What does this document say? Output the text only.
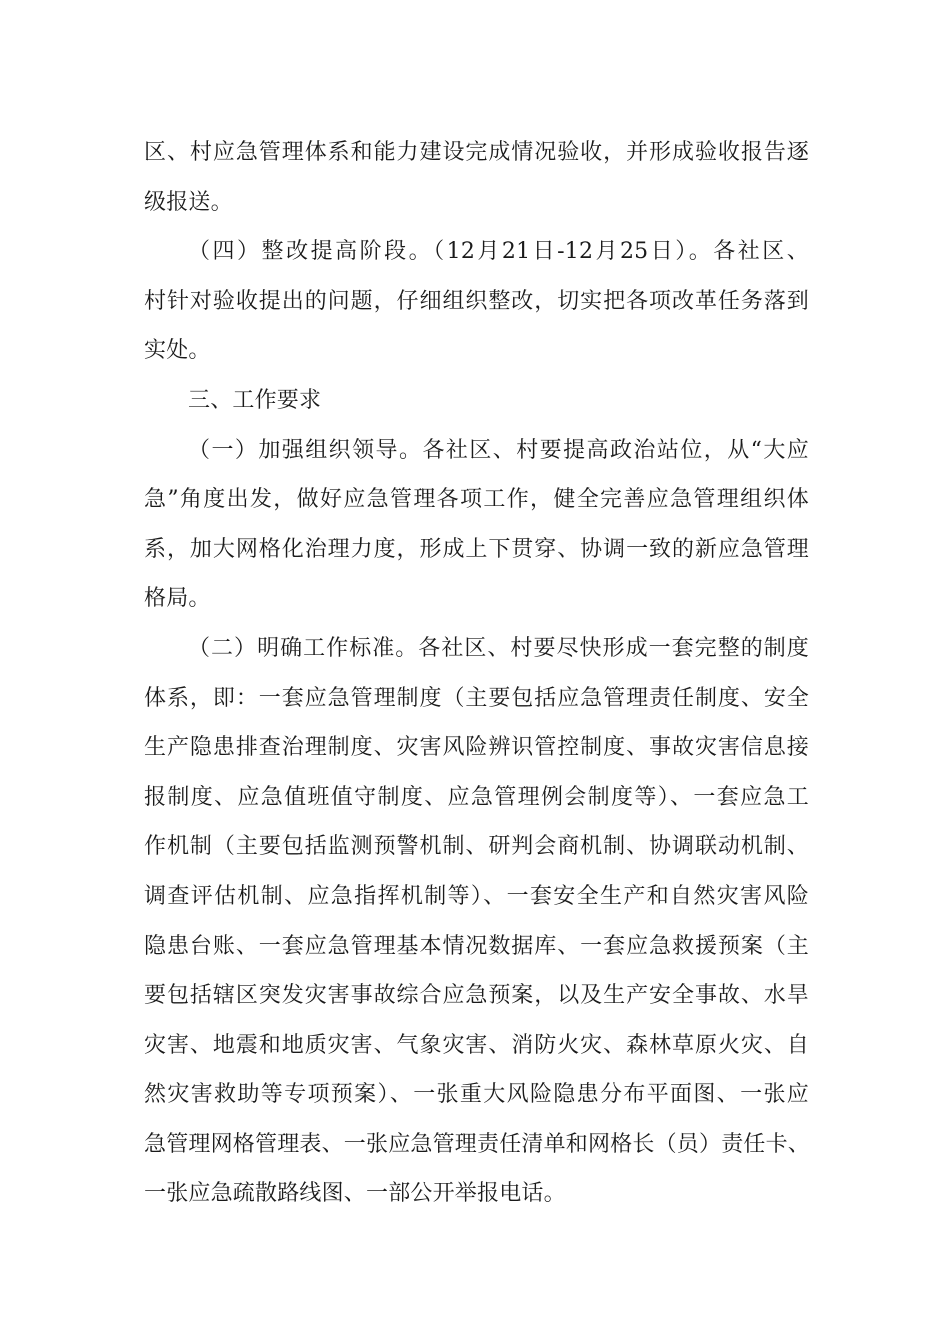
区、村应急管理体系和能力建设完成情况验收，并形成验收报告逐
级报送。
（四）整改提高阶段。（12月21日-12月25日）。各社区、
村针对验收提出的问题，仔细组织整改，切实把各项改革任务落到
实处。
三、工作要求
（一）加强组织领导。各社区、村要提高政治站位，从“大应
急”角度出发，做好应急管理各项工作，健全完善应急管理组织体
系，加大网格化治理力度，形成上下贯穿、协调一致的新应急管理
格局。
（二）明确工作标准。各社区、村要尽快形成一套完整的制度
体系，即：一套应急管理制度（主要包括应急管理责任制度、安全
生产隐患排查治理制度、灾害风险辨识管控制度、事故灾害信息接
报制度、应急值班值守制度、应急管理例会制度等）、一套应急工
作机制（主要包括监测预警机制、研判会商机制、协调联动机制、
调查评估机制、应急指挥机制等）、一套安全生产和自然灾害风险
隐患台账、一套应急管理基本情况数据库、一套应急救援预案（主
要包括辖区突发灾害事故综合应急预案，以及生产安全事故、水旱
灾害、地震和地质灾害、气象灾害、消防火灾、森林草原火灾、自
然灾害救助等专项预案）、一张重大风险隐患分布平面图、一张应
急管理网格管理表、一张应急管理责任清单和网格长（员）责任卡、
一张应急疏散路线图、一部公开举报电话。
